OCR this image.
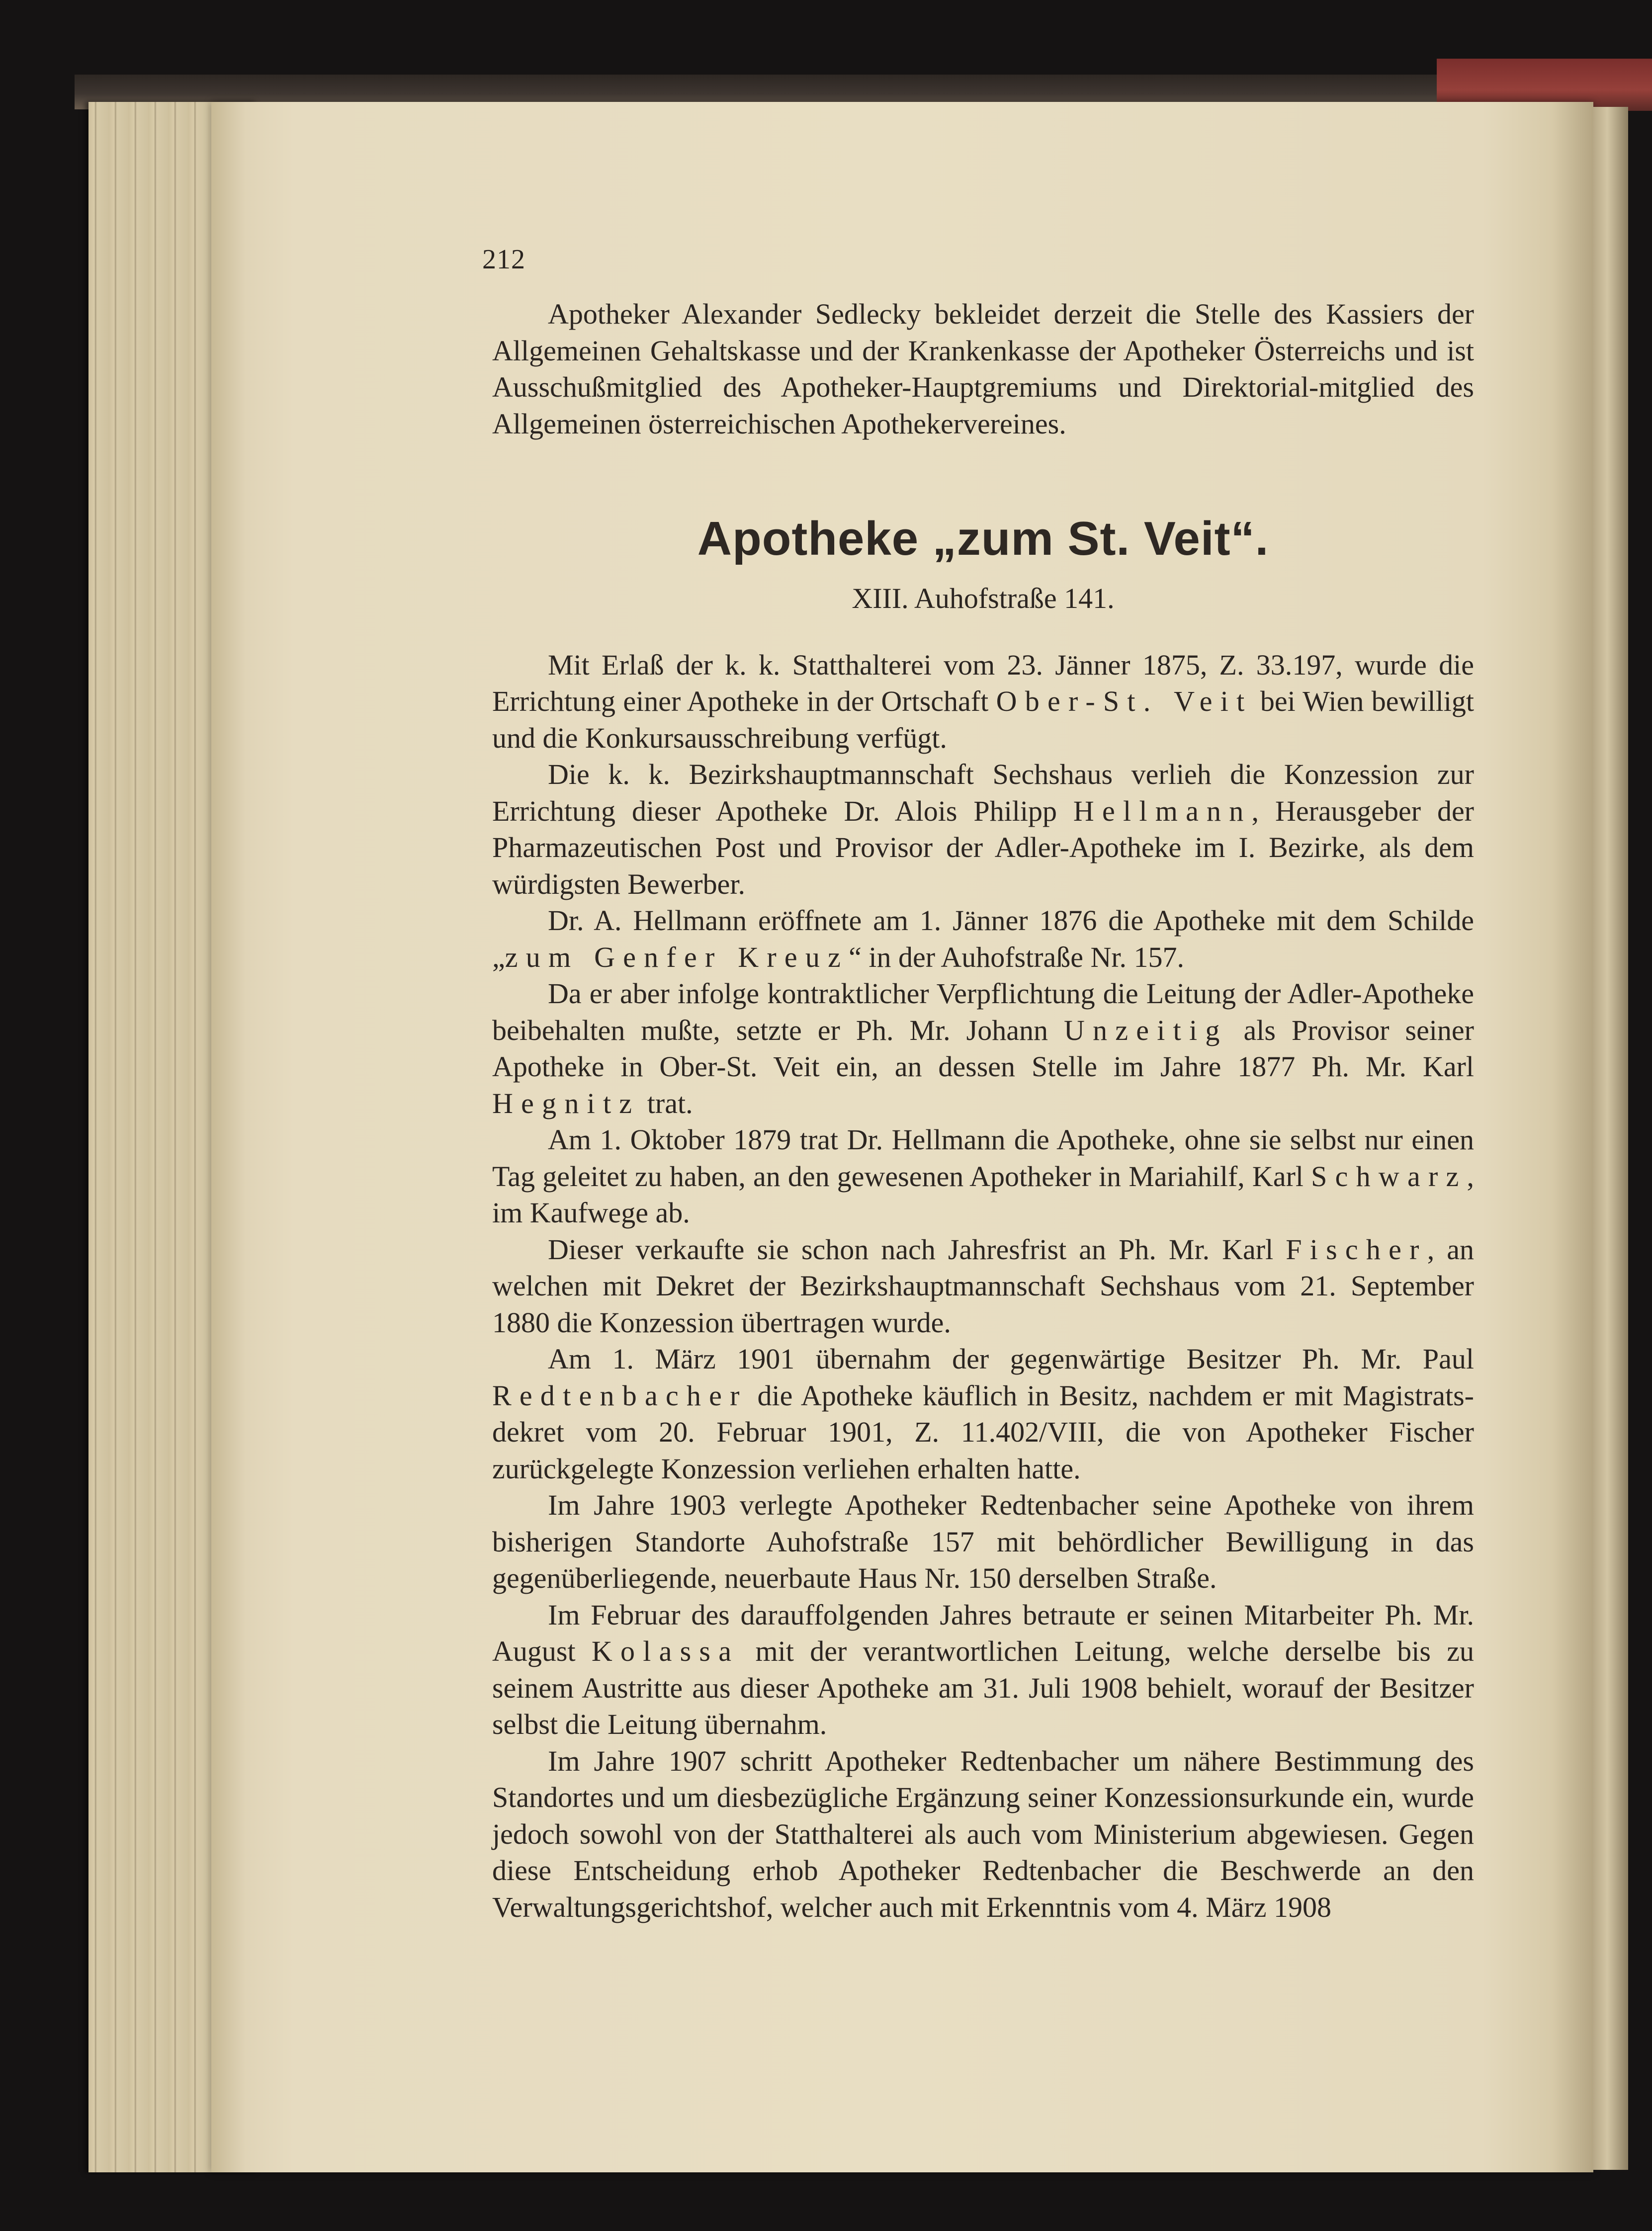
212

Apotheker Alexander Sedlecky bekleidet derzeit die Stelle des Kassiers der Allgemeinen Gehaltskasse und der Krankenkasse der Apotheker Österreichs und ist Ausschußmitglied des Apotheker-Hauptgremiums und Direktorial-mitglied des Allgemeinen österreichischen Apothekervereines.

Apotheke „zum St. Veit“.
XIII. Auhofstraße 141.

Mit Erlaß der k. k. Statthalterei vom 23. Jänner 1875, Z. 33.197, wurde die Errichtung einer Apotheke in der Ortschaft Ober-St. Veit bei Wien bewilligt und die Konkursausschreibung verfügt.

Die k. k. Bezirkshauptmannschaft Sechshaus verlieh die Konzession zur Errichtung dieser Apotheke Dr. Alois Philipp Hellmann, Herausgeber der Pharmazeutischen Post und Provisor der Adler-Apotheke im I. Bezirke, als dem würdigsten Bewerber.

Dr. A. Hellmann eröffnete am 1. Jänner 1876 die Apotheke mit dem Schilde „zum Genfer Kreuz“ in der Auhofstraße Nr. 157.

Da er aber infolge kontraktlicher Verpflichtung die Leitung der Adler-Apotheke beibehalten mußte, setzte er Ph. Mr. Johann Unzeitig als Provisor seiner Apotheke in Ober-St. Veit ein, an dessen Stelle im Jahre 1877 Ph. Mr. Karl Hegnitz trat.

Am 1. Oktober 1879 trat Dr. Hellmann die Apotheke, ohne sie selbst nur einen Tag geleitet zu haben, an den gewesenen Apotheker in Mariahilf, Karl Schwarz, im Kaufwege ab.

Dieser verkaufte sie schon nach Jahresfrist an Ph. Mr. Karl Fischer, an welchen mit Dekret der Bezirkshauptmannschaft Sechshaus vom 21. September 1880 die Konzession übertragen wurde.

Am 1. März 1901 übernahm der gegenwärtige Besitzer Ph. Mr. Paul Redtenbacher die Apotheke käuflich in Besitz, nachdem er mit Magistrats-dekret vom 20. Februar 1901, Z. 11.402/VIII, die von Apotheker Fischer zurückgelegte Konzession verliehen erhalten hatte.

Im Jahre 1903 verlegte Apotheker Redtenbacher seine Apotheke von ihrem bisherigen Standorte Auhofstraße 157 mit behördlicher Bewilligung in das gegenüberliegende, neuerbaute Haus Nr. 150 derselben Straße.

Im Februar des darauffolgenden Jahres betraute er seinen Mitarbeiter Ph. Mr. August Kolassa mit der verantwortlichen Leitung, welche derselbe bis zu seinem Austritte aus dieser Apotheke am 31. Juli 1908 behielt, worauf der Besitzer selbst die Leitung übernahm.

Im Jahre 1907 schritt Apotheker Redtenbacher um nähere Bestimmung des Standortes und um diesbezügliche Ergänzung seiner Konzessionsurkunde ein, wurde jedoch sowohl von der Statthalterei als auch vom Ministerium abgewiesen. Gegen diese Entscheidung erhob Apotheker Redtenbacher die Beschwerde an den Verwaltungsgerichtshof, welcher auch mit Erkenntnis vom 4. März 1908
